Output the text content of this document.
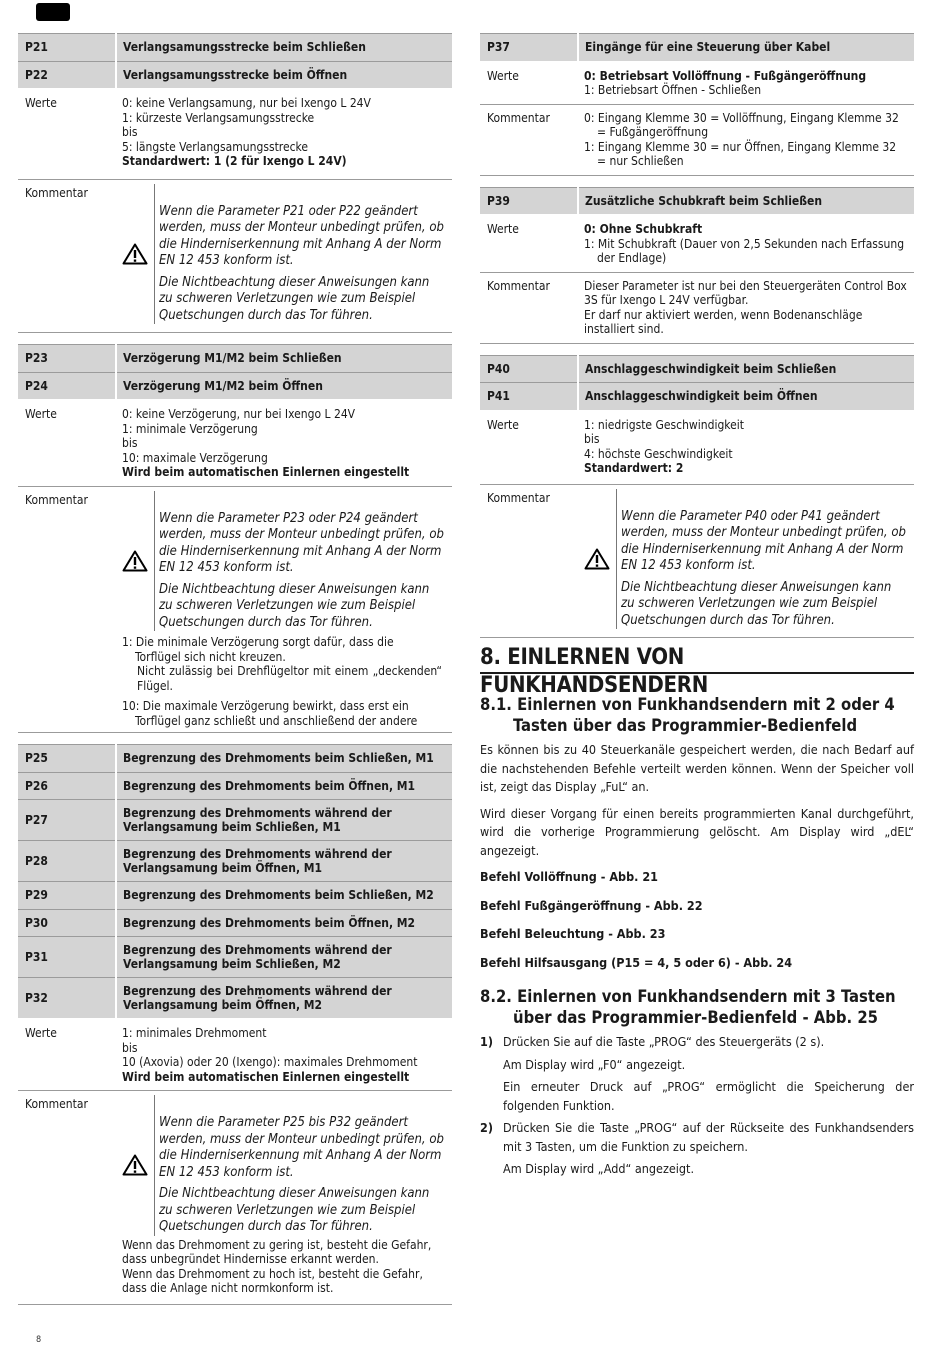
P21	Verlangsamungsstrecke beim Schließen
P22	Verlangsamungsstrecke beim Öffnen
Werte	0: keine Verlangsamung, nur bei Ixengo L 24V
1: kürzeste Verlangsamungsstrecke
bis
5: längste Verlangsamungsstrecke
Standardwert: 1 (2 für Ixengo L 24V)

Kommentar	Wenn die Parameter P21 oder P22 geändert werden, muss der Monteur unbedingt prüfen, ob die Hinderniserkennung mit Anhang A der Norm EN 12 453 konform ist.

Die Nichtbeachtung dieser Anweisungen kann zu schweren Verletzungen wie zum Beispiel Quetschungen durch das Tor führen.

P23	Verzögerung M1/M2 beim Schließen
P24	Verzögerung M1/M2 beim Öffnen
Werte	0: keine Verzögerung, nur bei Ixengo L 24V
1: minimale Verzögerung
bis
10: maximale Verzögerung
Wird beim automatischen Einlernen eingestellt

Kommentar	Wenn die Parameter P23 oder P24 geändert werden, muss der Monteur unbedingt prüfen, ob die Hinderniserkennung mit Anhang A der Norm EN 12 453 konform ist.

Die Nichtbeachtung dieser Anweisungen kann zu schweren Verletzungen wie zum Beispiel Quetschungen durch das Tor führen.

1: Die minimale Verzögerung sorgt dafür, dass die Torflügel sich nicht kreuzen.
Nicht zulässig bei Drehflügeltor mit einem „deckenden“ Flügel.
10: Die maximale Verzögerung bewirkt, dass erst ein Torflügel ganz schließt und anschließend der andere
P25	Begrenzung des Drehmoments beim Schließen, M1
P26	Begrenzung des Drehmoments beim Öffnen, M1
P27	Begrenzung des Drehmoments während der Verlangsamung beim Schließen, M1
P28	Begrenzung des Drehmoments während der Verlangsamung beim Öffnen, M1
P29	Begrenzung des Drehmoments beim Schließen, M2
P30	Begrenzung des Drehmoments beim Öffnen, M2
P31	Begrenzung des Drehmoments während der Verlangsamung beim Schließen, M2
P32	Begrenzung des Drehmoments während der Verlangsamung beim Öffnen, M2
Werte	1: minimales Drehmoment
bis
10 (Axovia) oder 20 (Ixengo): maximales Drehmoment
Wird beim automatischen Einlernen eingestellt

Kommentar	Wenn die Parameter P25 bis P32 geändert werden, muss der Monteur unbedingt prüfen, ob die Hinderniserkennung mit Anhang A der Norm EN 12 453 konform ist.

Die Nichtbeachtung dieser Anweisungen kann zu schweren Verletzungen wie zum Beispiel Quetschungen durch das Tor führen.

Wenn das Drehmoment zu gering ist, besteht die Gefahr, dass unbegründet Hindernisse erkannt werden.
Wenn das Drehmoment zu hoch ist, besteht die Gefahr, dass die Anlage nicht normkonform ist.
P37	Eingänge für eine Steuerung über Kabel
Werte	0: Betriebsart Vollöffnung - Fußgängeröffnung
1: Betriebsart Öffnen - Schließen

Kommentar	0: Eingang Klemme 30 = Vollöffnung, Eingang Klemme 32 = Fußgängeröffnung
1: Eingang Klemme 30 = nur Öffnen, Eingang Klemme 32 = nur Schließen
P39	Zusätzliche Schubkraft beim Schließen
Werte	0: Ohne Schubkraft
1: Mit Schubkraft (Dauer von 2,5 Sekunden nach Erfassung der Endlage)

Kommentar	Dieser Parameter ist nur bei den Steuergeräten Control Box 3S für Ixengo L 24V verfügbar.
Er darf nur aktiviert werden, wenn Bodenanschläge installiert sind.
P40	Anschlaggeschwindigkeit beim Schließen
P41	Anschlaggeschwindigkeit beim Öffnen
Werte	1: niedrigste Geschwindigkeit
bis
4: höchste Geschwindigkeit
Standardwert: 2

Kommentar	Wenn die Parameter P40 oder P41 geändert werden, muss der Monteur unbedingt prüfen, ob die Hinderniserkennung mit Anhang A der Norm EN 12 453 konform ist.

Die Nichtbeachtung dieser Anweisungen kann zu schweren Verletzungen wie zum Beispiel Quetschungen durch das Tor führen.

8. EINLERNEN VON FUNKHANDSENDERN
8.1. Einlernen von Funkhandsendern mit 2 oder 4 Tasten über das Programmier-Bedienfeld

Es können bis zu 40 Steuerkanäle gespeichert werden, die nach Bedarf auf die nachstehenden Befehle verteilt werden können. Wenn der Speicher voll ist, zeigt das Display „FuL“ an.

Wird dieser Vorgang für einen bereits programmierten Kanal durchgeführt, wird die vorherige Programmierung gelöscht. Am Display wird „dEL“ angezeigt.

Befehl Vollöffnung - Abb. 21

Befehl Fußgängeröffnung - Abb. 22

Befehl Beleuchtung - Abb. 23

Befehl Hilfsausgang (P15 = 4, 5 oder 6) - Abb. 24

8.2. Einlernen von Funkhandsendern mit 3 Tasten über das Programmier-Bedienfeld - Abb. 25
1) Drücken Sie auf die Taste „PROG“ des Steuergeräts (2 s).

Am Display wird „F0“ angezeigt.

Ein erneuter Druck auf „PROG“ ermöglicht die Speicherung der folgenden Funktion.

2) Drücken Sie die Taste „PROG“ auf der Rückseite des Funkhandsenders mit 3 Tasten, um die Funktion zu speichern.

Am Display wird „Add“ angezeigt.

8
